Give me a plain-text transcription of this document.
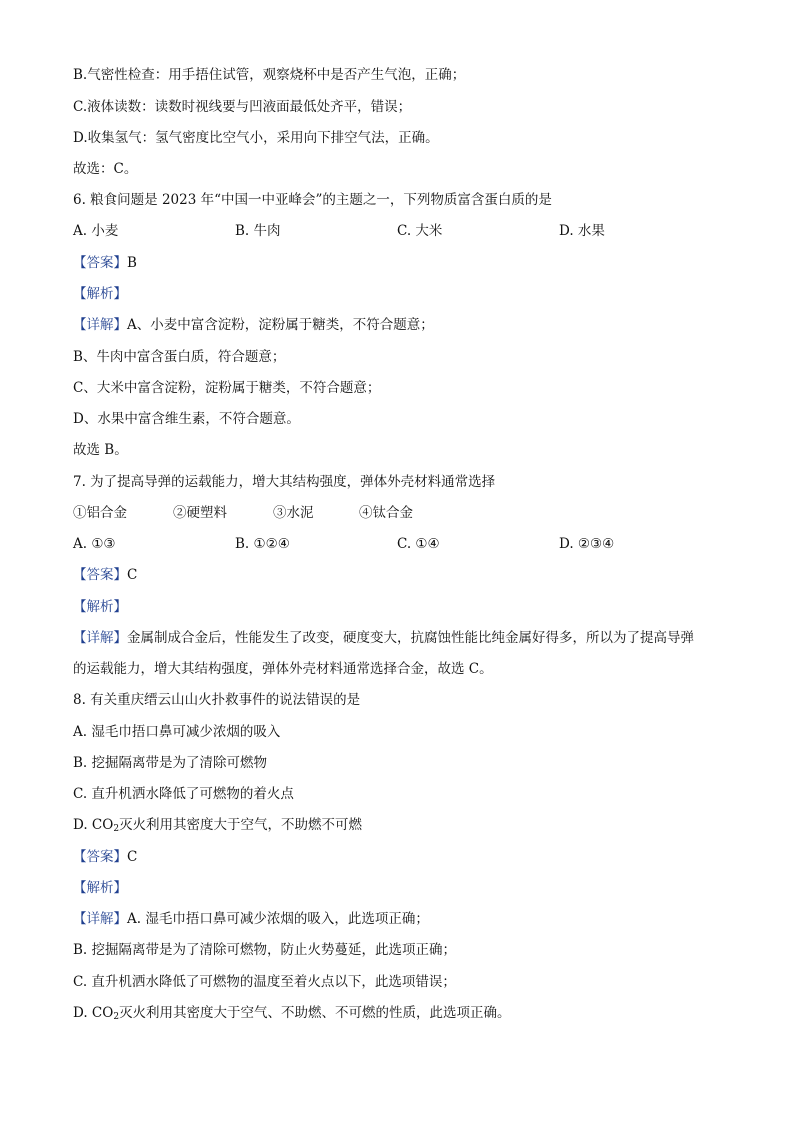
B.气密性检查：用手捂住试管，观察烧杯中是否产生气泡，正确；
C.液体读数：读数时视线要与凹液面最低处齐平，错误；
D.收集氢气：氢气密度比空气小，采用向下排空气法，正确。
故选：C。
6. 粮食问题是 2023 年“中国一中亚峰会”的主题之一，下列物质富含蛋白质的是
A. 小麦	B. 牛肉	C. 大米	D. 水果
【答案】B
【解析】
【详解】A、小麦中富含淀粉，淀粉属于糖类，不符合题意；
B、牛肉中富含蛋白质，符合题意；
C、大米中富含淀粉，淀粉属于糖类，不符合题意；
D、水果中富含维生素，不符合题意。
故选 B。
7. 为了提高导弹的运载能力，增大其结构强度，弹体外壳材料通常选择
①铝合金	②硬塑料	③水泥	④钛合金
A. ①③	B. ①②④	C. ①④	D. ②③④
【答案】C
【解析】
【详解】金属制成合金后，性能发生了改变，硬度变大，抗腐蚀性能比纯金属好得多，所以为了提高导弹
的运载能力，增大其结构强度，弹体外壳材料通常选择合金，故选 C。
8. 有关重庆缙云山山火扑救事件的说法错误的是
A. 湿毛巾捂口鼻可减少浓烟的吸入
B. 挖掘隔离带是为了清除可燃物
C. 直升机洒水降低了可燃物的着火点
D. $CO_2$灭火利用其密度大于空气，不助燃不可燃
【答案】C
【解析】
【详解】A. 湿毛巾捂口鼻可减少浓烟的吸入，此选项正确；
B. 挖掘隔离带是为了清除可燃物，防止火势蔓延，此选项正确；
C. 直升机洒水降低了可燃物的温度至着火点以下，此选项错误；
D. $CO_2$灭火利用其密度大于空气、不助燃、不可燃的性质，此选项正确。
